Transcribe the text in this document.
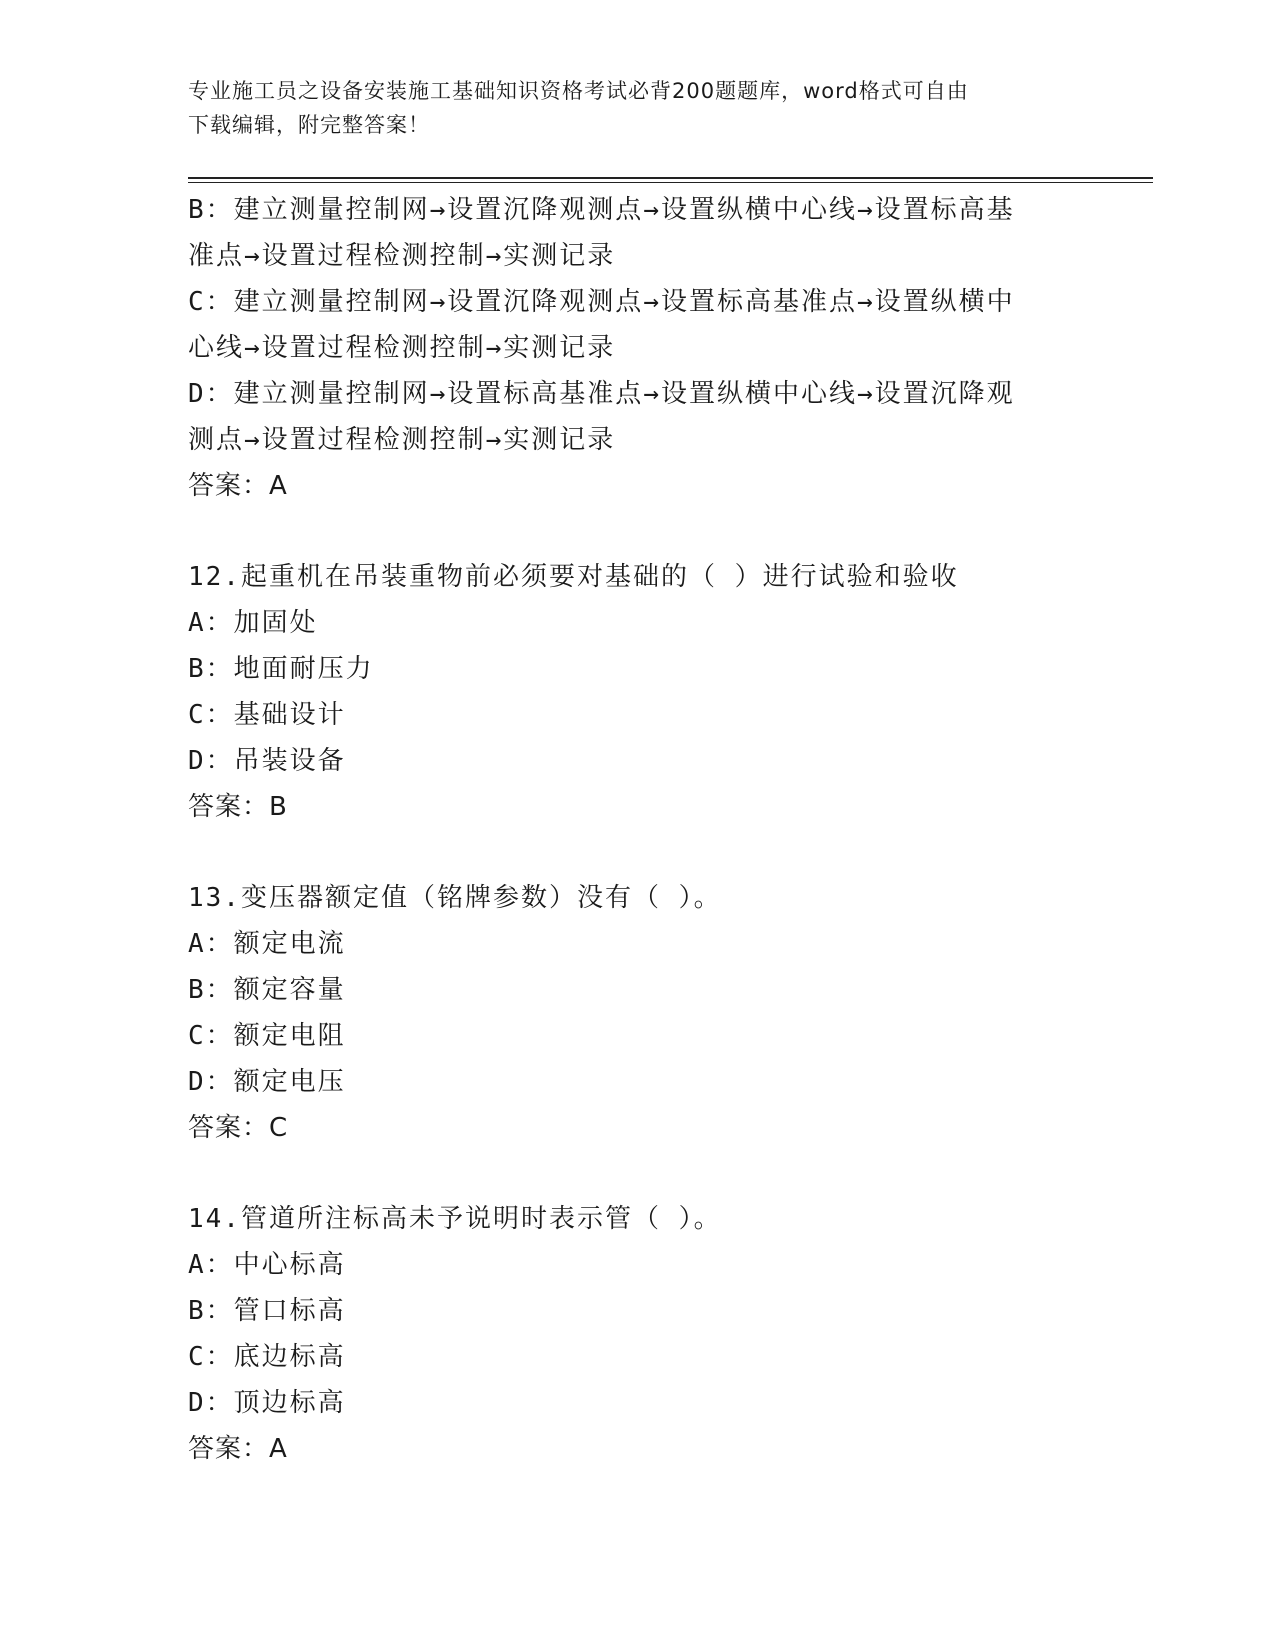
专业施工员之设备安装施工基础知识资格考试必背200题题库，word格式可自由
下载编辑，附完整答案！
B：建立测量控制网→设置沉降观测点→设置纵横中心线→设置标高基
准点→设置过程检测控制→实测记录
C：建立测量控制网→设置沉降观测点→设置标高基准点→设置纵横中
心线→设置过程检测控制→实测记录
D：建立测量控制网→设置标高基准点→设置纵横中心线→设置沉降观
测点→设置过程检测控制→实测记录
答案：A
12.起重机在吊装重物前必须要对基础的（ ）进行试验和验收
A：加固处
B：地面耐压力
C：基础设计
D：吊装设备
答案：B
13.变压器额定值（铭牌参数）没有（ ）。
A：额定电流
B：额定容量
C：额定电阻
D：额定电压
答案：C
14.管道所注标高未予说明时表示管（ ）。
A：中心标高
B：管口标高
C：底边标高
D：顶边标高
答案：A
